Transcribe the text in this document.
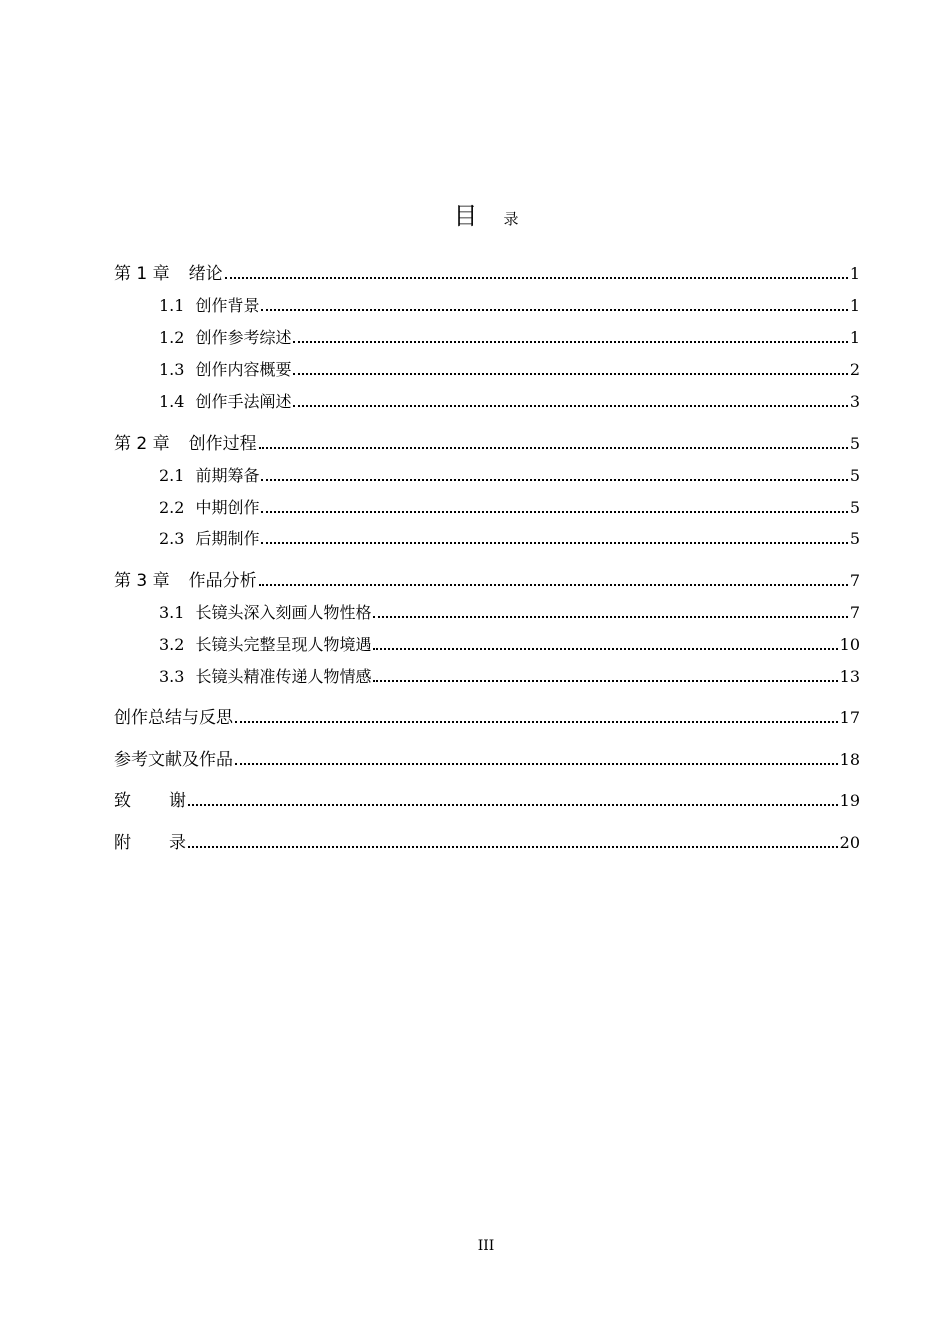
目 录
第 1 章 绪论	1
1.1 创作背景	1
1.2 创作参考综述	1
1.3 创作内容概要	2
1.4 创作手法阐述	3
第 2 章 创作过程	5
2.1 前期筹备	5
2.2 中期创作	5
2.3 后期制作	5
第 3 章 作品分析	7
3.1 长镜头深入刻画人物性格	7
3.2 长镜头完整呈现人物境遇	10
3.3 长镜头精准传递人物情感	13
创作总结与反思	17
参考文献及作品	18
致谢	19
附录	20
III
